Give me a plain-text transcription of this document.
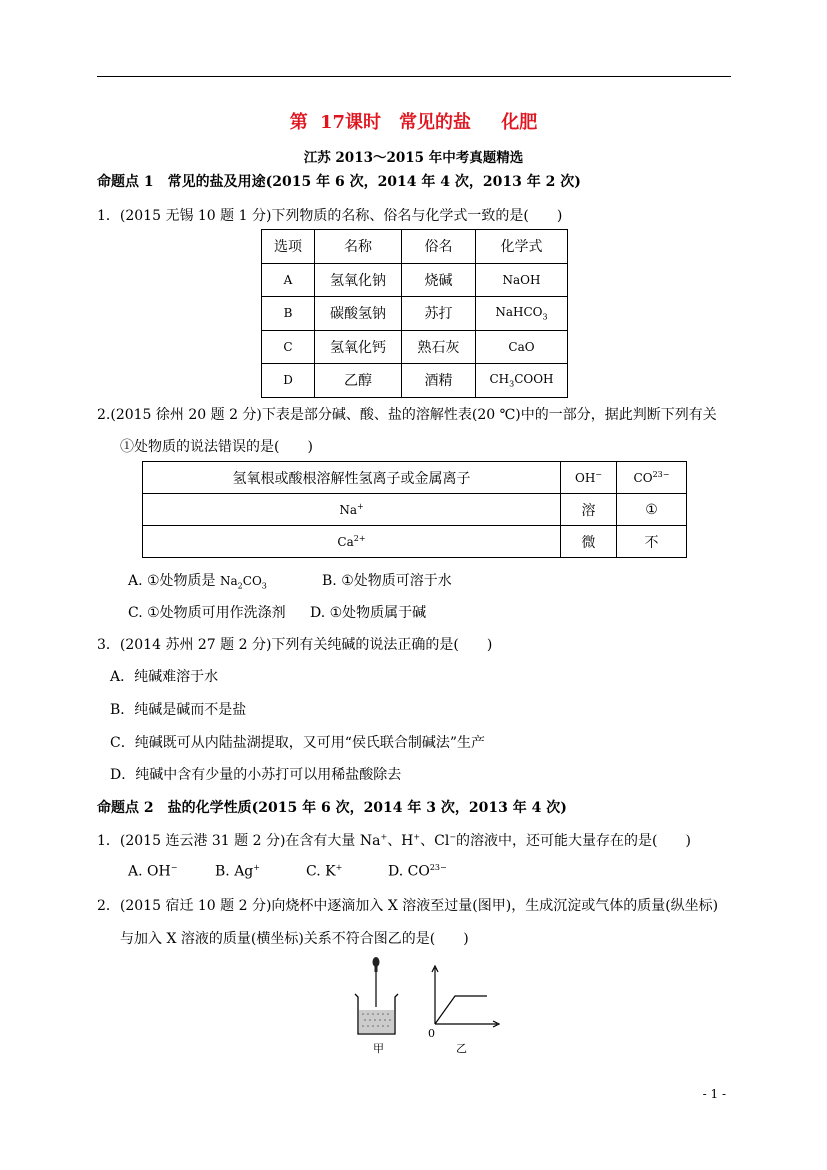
第 17课时　常见的盐　 化肥
江苏 2013～2015 年中考真题精选
命题点 1　常见的盐及用途(2015 年 6 次，2014 年 4 次，2013 年 2 次)
1．(2015 无锡 10 题 1 分)下列物质的名称、俗名与化学式一致的是(　　)
选项	名称	俗名	化学式
A	氢氧化钠	烧碱	NaOH
B	碳酸氢钠	苏打	NaHCO$_3$
C	氢氧化钙	熟石灰	CaO
D	乙醇	酒精	$CH_3COOH$
2.(2015 徐州 20 题 2 分)下表是部分碱、酸、盐的溶解性表(20 ℃)中的一部分，据此判断下列有关
①处物质的说法错误的是(　　)
氢氧根或酸根溶解性氢离子或金属离子	OH−	$CO^{23-}$
Na+	溶	①
$Ca^{2+}$	微	不
A. ①处物质是 $Na_2CO_3$	B. ①处物质可溶于水
C. ①处物质可用作洗涤剂 D. ①处物质属于碱
3．(2014 苏州 27 题 2 分)下列有关纯碱的说法正确的是(　　)
A．纯碱难溶于水
B．纯碱是碱而不是盐
C．纯碱既可从内陆盐湖提取，又可用“侯氏联合制碱法”生产
D．纯碱中含有少量的小苏打可以用稀盐酸除去
命题点 2　盐的化学性质(2015 年 6 次，2014 年 3 次，2013 年 4 次)
1．(2015 连云港 31 题 2 分)在含有大量 Na+、H+、Cl−的溶液中，还可能大量存在的是(　　)
A. OH−	B. Ag+	C. K+	D. $CO^{23-}$
2．(2015 宿迁 10 题 2 分)向烧杯中逐滴加入 X 溶液至过量(图甲)，生成沉淀或气体的质量(纵坐标)
与加入 X 溶液的质量(横坐标)关系不符合图乙的是(　　)
甲
0
乙
- 1 -
